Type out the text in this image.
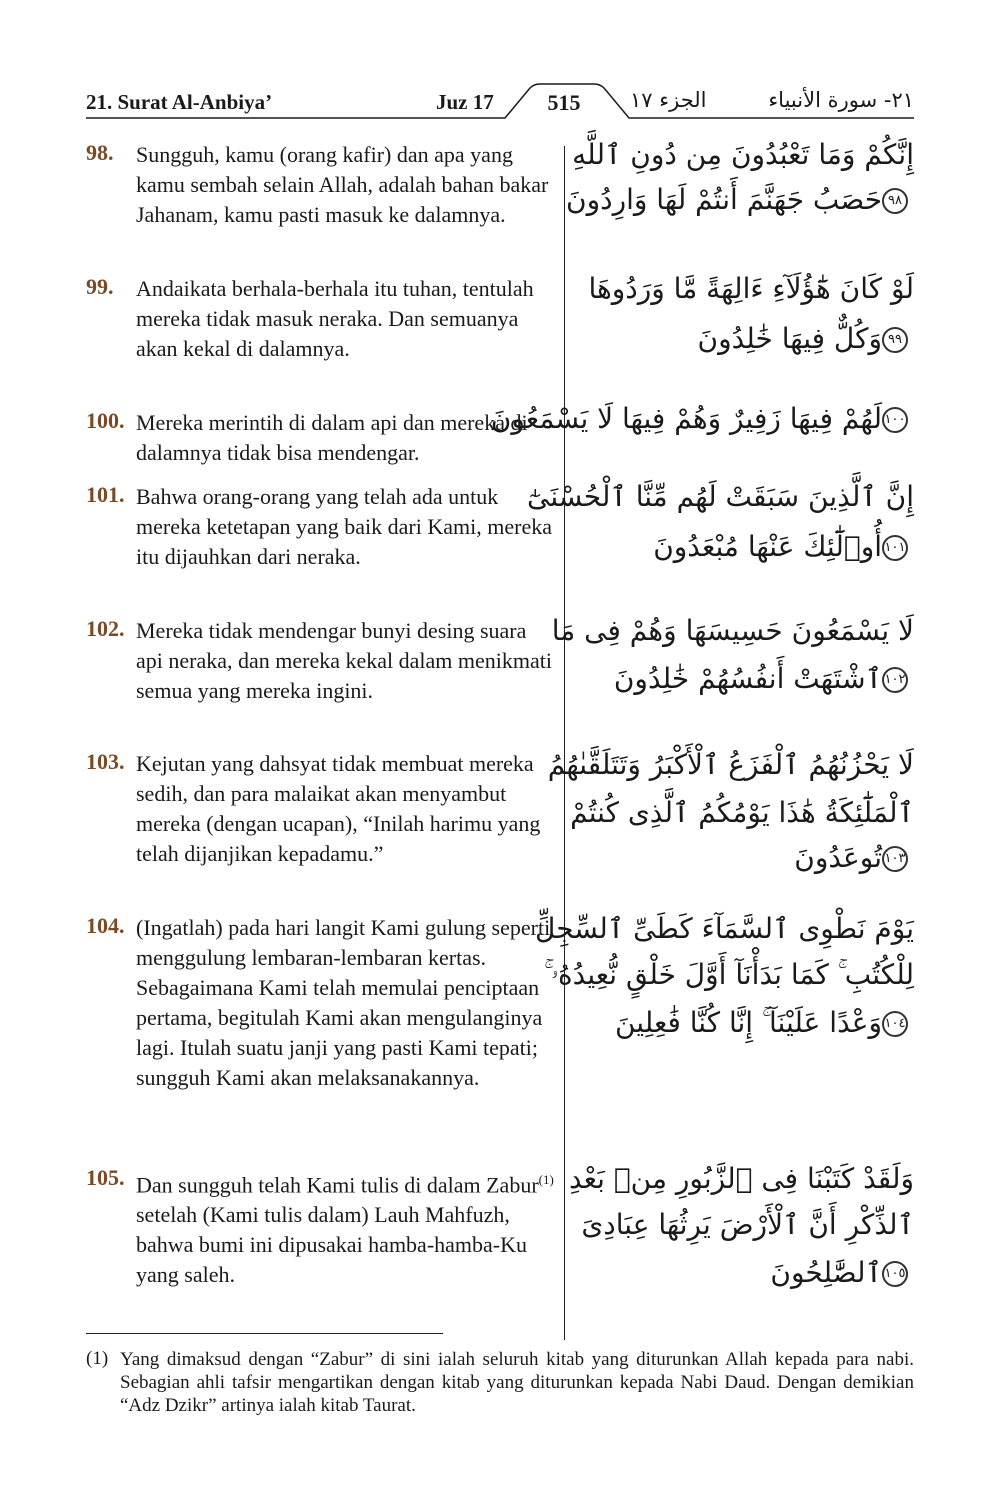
21. Surat Al-Anbiya’	Juz 17	515	الجزء ١٧	٢١- سورة الأنبياء
98. Sungguh, kamu (orang kafir) dan apa yang kamu sembah selain Allah, adalah bahan bakar Jahanam, kamu pasti masuk ke dalamnya.
إِنَّكُمْ وَمَا تَعْبُدُونَ مِن دُونِ ٱللَّهِ
٩٨حَصَبُ جَهَنَّمَ أَنتُمْ لَهَا وَارِدُونَ
99. Andaikata berhala-berhala itu tuhan, tentulah mereka tidak masuk neraka. Dan semuanya akan kekal di dalamnya.
لَوْ كَانَ هَٰٓؤُلَآءِ ءَالِهَةً مَّا وَرَدُوهَا
٩٩وَكُلٌّ فِيهَا خَٰلِدُونَ
100. Mereka merintih di dalam api dan mereka di dalamnya tidak bisa mendengar.
١٠٠لَهُمْ فِيهَا زَفِيرٌ وَهُمْ فِيهَا لَا يَسْمَعُونَ
101. Bahwa orang-orang yang telah ada untuk mereka ketetapan yang baik dari Kami, mereka itu dijauhkan dari neraka.
إِنَّ ٱلَّذِينَ سَبَقَتْ لَهُم مِّنَّا ٱلْحُسْنَىٰٓ
١٠١أُو۟لَٰٓئِكَ عَنْهَا مُبْعَدُونَ
102. Mereka tidak mendengar bunyi desing suara api neraka, dan mereka kekal dalam menikmati semua yang mereka ingini.
لَا يَسْمَعُونَ حَسِيسَهَا وَهُمْ فِى مَا
١٠٢ٱشْتَهَتْ أَنفُسُهُمْ خَٰلِدُونَ
103. Kejutan yang dahsyat tidak membuat mereka sedih, dan para malaikat akan menyambut mereka (dengan ucapan), “Inilah harimu yang telah dijanjikan kepadamu.”
لَا يَحْزُنُهُمُ ٱلْفَزَعُ ٱلْأَكْبَرُ وَتَتَلَقَّىٰهُمُ
ٱلْمَلَٰٓئِكَةُ هَٰذَا يَوْمُكُمُ ٱلَّذِى كُنتُمْ
١٠٣تُوعَدُونَ
104. (Ingatlah) pada hari langit Kami gulung seperti menggulung lembaran-lembaran kertas. Sebagaimana Kami telah memulai penciptaan pertama, begitulah Kami akan mengulanginya lagi. Itulah suatu janji yang pasti Kami tepati; sungguh Kami akan melaksanakannya.
يَوْمَ نَطْوِى ٱلسَّمَآءَ كَطَىِّ ٱلسِّجِلِّ
لِلْكُتُبِ ۚ كَمَا بَدَأْنَآ أَوَّلَ خَلْقٍ نُّعِيدُهُۥ ۚ
١٠٤وَعْدًا عَلَيْنَآ ۚ إِنَّا كُنَّا فَٰعِلِينَ
105. Dan sungguh telah Kami tulis di dalam Zabur$^{(1)}$ setelah (Kami tulis dalam) Lauh Mahfuzh, bahwa bumi ini dipusakai hamba-hamba-Ku yang saleh.
وَلَقَدْ كَتَبْنَا فِى ٱلزَّبُورِ مِنۢ بَعْدِ
ٱلذِّكْرِ أَنَّ ٱلْأَرْضَ يَرِثُهَا عِبَادِىَ
١٠٥ٱلصَّٰلِحُونَ
(1) Yang dimaksud dengan “Zabur” di sini ialah seluruh kitab yang diturunkan Allah kepada para nabi. Sebagian ahli tafsir mengartikan dengan kitab yang diturunkan kepada Nabi Daud. Dengan demikian “Adz Dzikr” artinya ialah kitab Taurat.
